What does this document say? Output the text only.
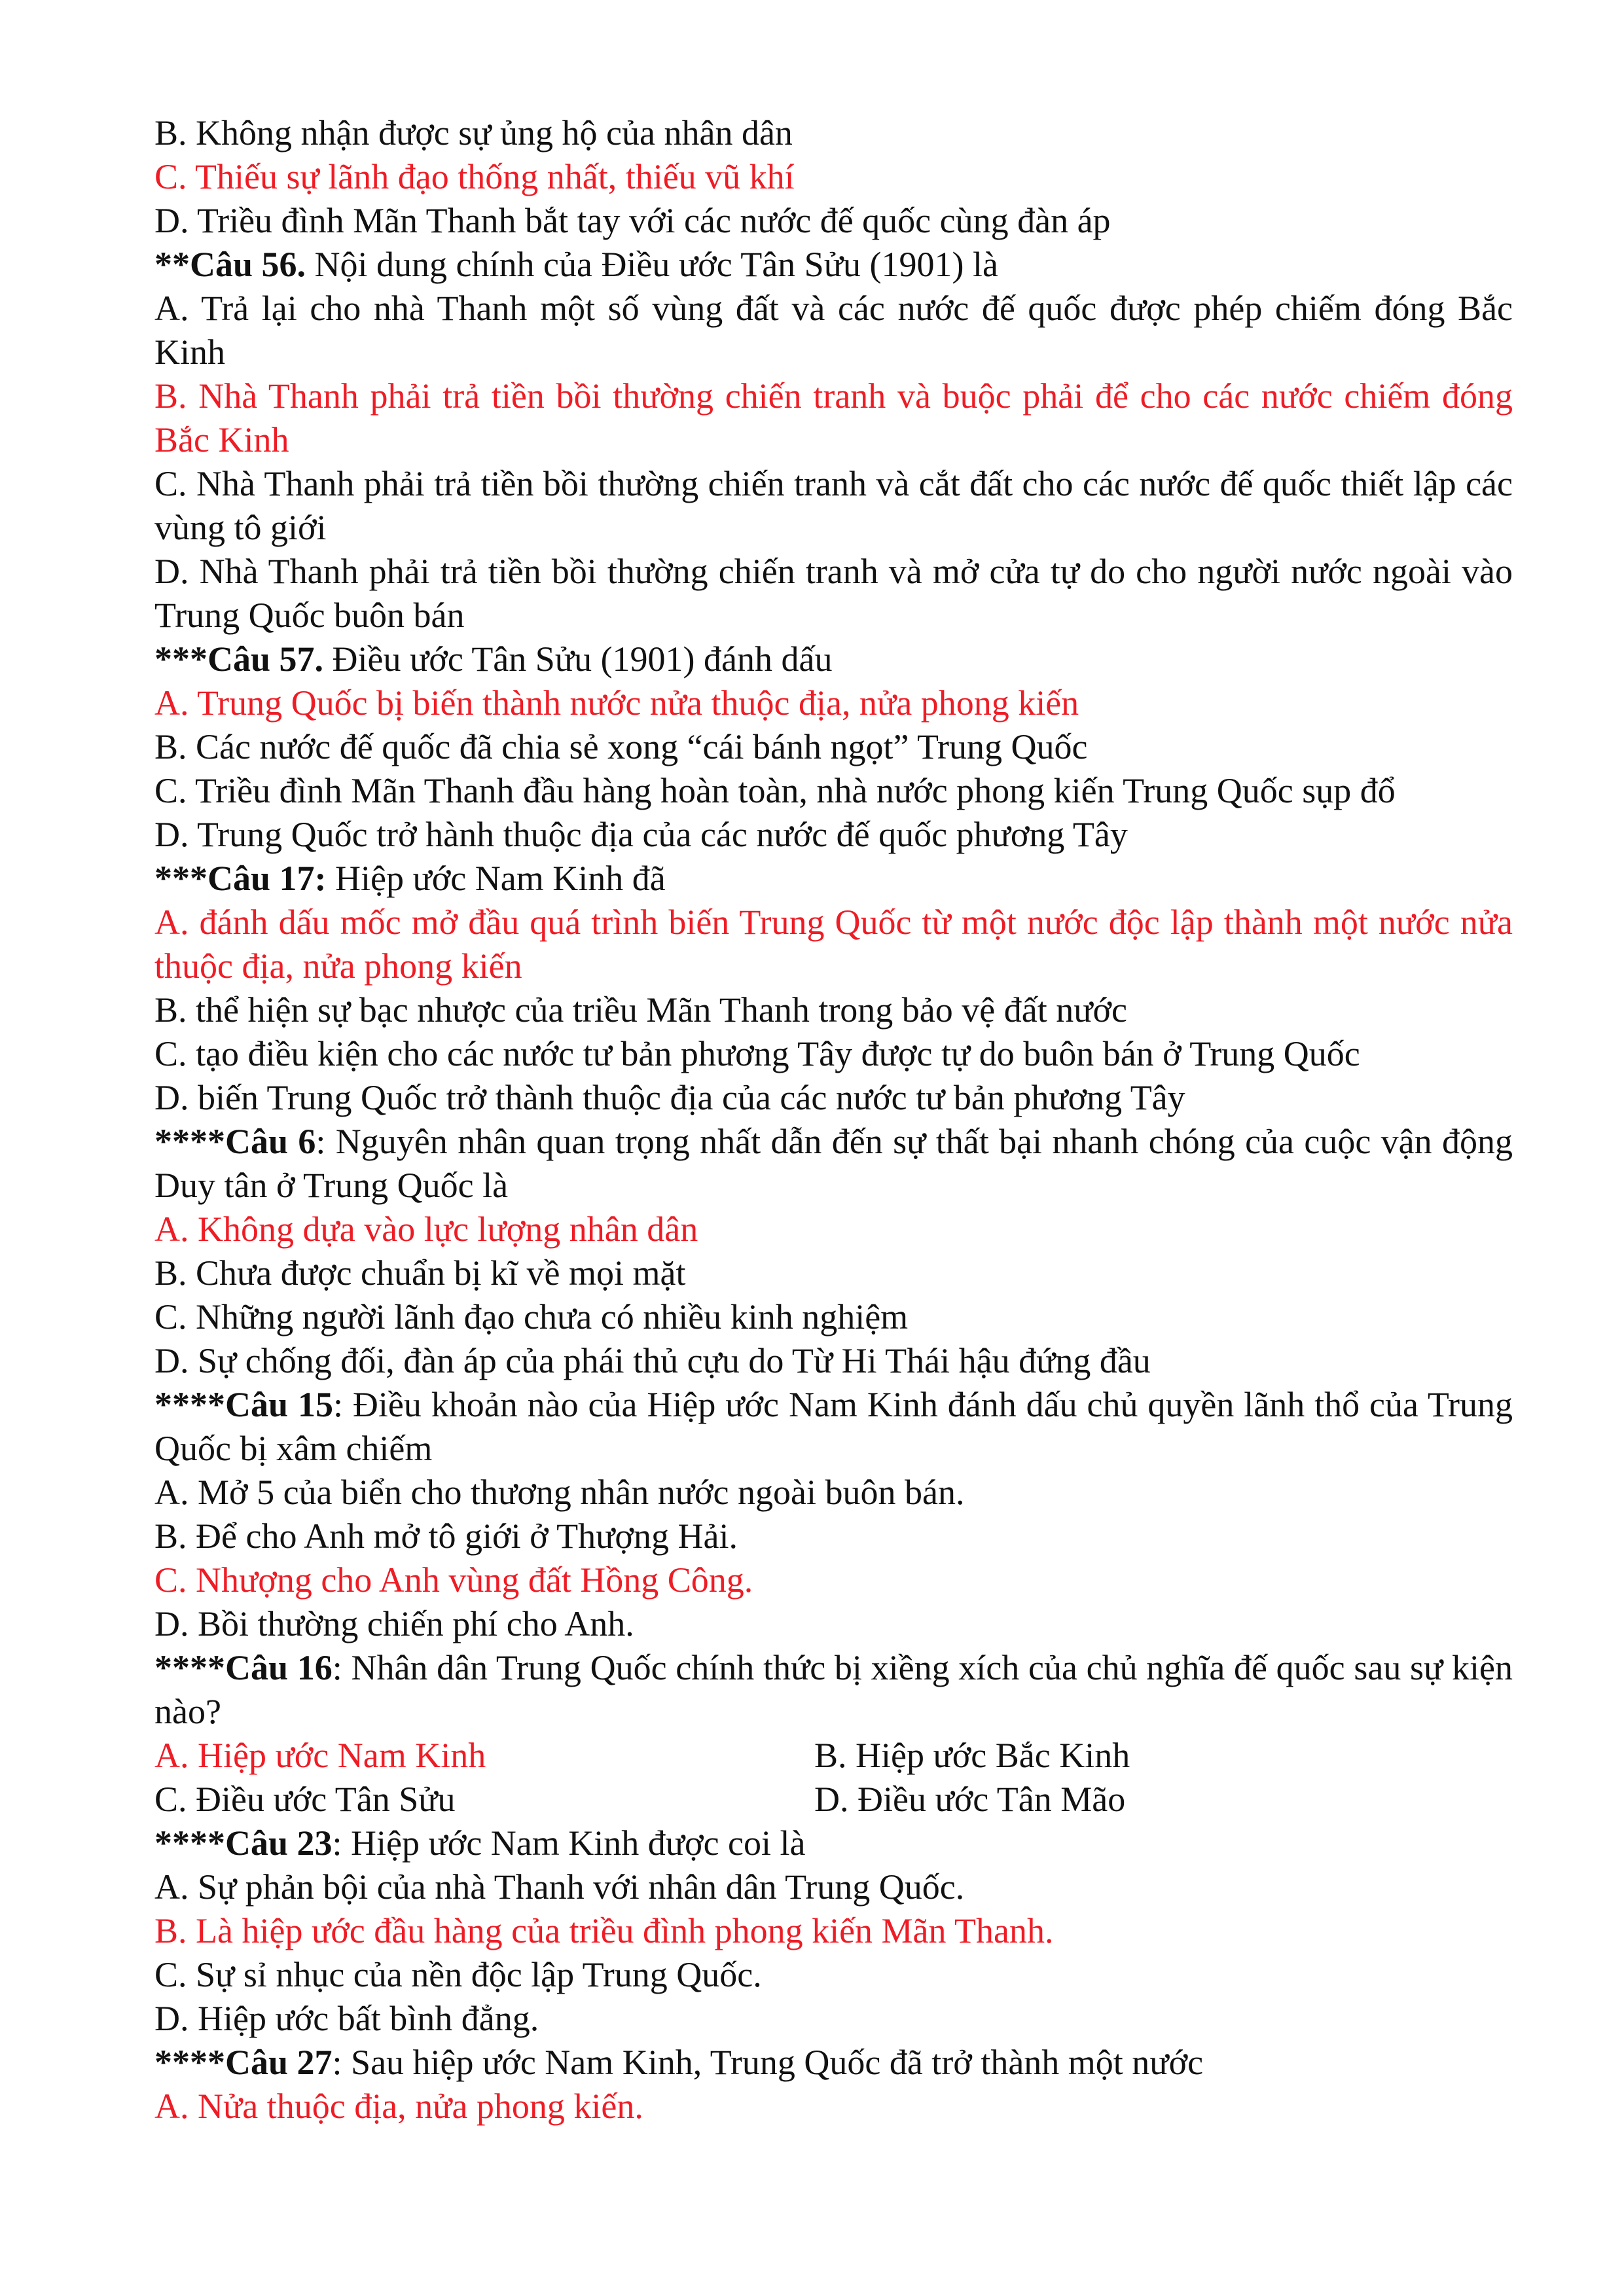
B. Không nhận được sự ủng hộ của nhân dân

C. Thiếu sự lãnh đạo thống nhất, thiếu vũ khí

D. Triều đình Mãn Thanh bắt tay với các nước đế quốc cùng đàn áp

**Câu 56. Nội dung chính của Điều ước Tân Sửu (1901) là

A. Trả lại cho nhà Thanh một số vùng đất và các nước đế quốc được phép chiếm đóng Bắc Kinh

B. Nhà Thanh phải trả tiền bồi thường chiến tranh và buộc phải để cho các nước chiếm đóng Bắc Kinh

C. Nhà Thanh phải trả tiền bồi thường chiến tranh và cắt đất cho các nước đế quốc thiết lập các vùng tô giới

D. Nhà Thanh phải trả tiền bồi thường chiến tranh và mở cửa tự do cho người nước ngoài vào Trung Quốc buôn bán

***Câu 57. Điều ước Tân Sửu (1901) đánh dấu

A. Trung Quốc bị biến thành nước nửa thuộc địa, nửa phong kiến

B. Các nước đế quốc đã chia sẻ xong “cái bánh ngọt” Trung Quốc

C. Triều đình Mãn Thanh đầu hàng hoàn toàn, nhà nước phong kiến Trung Quốc sụp đổ

D. Trung Quốc trở hành thuộc địa của các nước đế quốc phương Tây

***Câu 17: Hiệp ước Nam Kinh đã

A. đánh dấu mốc mở đầu quá trình biến Trung Quốc từ một nước độc lập thành một nước nửa thuộc địa, nửa phong kiến

B. thể hiện sự bạc nhược của triều Mãn Thanh trong bảo vệ đất nước

C. tạo điều kiện cho các nước tư bản phương Tây được tự do buôn bán ở Trung Quốc

D. biến Trung Quốc trở thành thuộc địa của các nước tư bản phương Tây

****Câu 6: Nguyên nhân quan trọng nhất dẫn đến sự thất bại nhanh chóng của cuộc vận động Duy tân ở Trung Quốc là

A. Không dựa vào lực lượng nhân dân

B. Chưa được chuẩn bị kĩ về mọi mặt

C. Những người lãnh đạo chưa có nhiều kinh nghiệm

D. Sự chống đối, đàn áp của phái thủ cựu do Từ Hi Thái hậu đứng đầu

****Câu 15: Điều khoản nào của Hiệp ước Nam Kinh đánh dấu chủ quyền lãnh thổ của Trung Quốc bị xâm chiếm

A. Mở 5 của biển cho thương nhân nước ngoài buôn bán.

B. Để cho Anh mở tô giới ở Thượng Hải.

C. Nhượng cho Anh vùng đất Hồng Công.

D. Bồi thường chiến phí cho Anh.

****Câu 16: Nhân dân Trung Quốc chính thức bị xiềng xích của chủ nghĩa đế quốc sau sự kiện nào?

A. Hiệp ước Nam Kinh	B. Hiệp ước Bắc Kinh
C. Điều ước Tân Sửu	D. Điều ước Tân Mão

****Câu 23: Hiệp ước Nam Kinh được coi là

A. Sự phản bội của nhà Thanh với nhân dân Trung Quốc.

B. Là hiệp ước đầu hàng của triều đình phong kiến Mãn Thanh.

C. Sự sỉ nhục của nền độc lập Trung Quốc.

D. Hiệp ước bất bình đẳng.

****Câu 27: Sau hiệp ước Nam Kinh, Trung Quốc đã trở thành một nước

A. Nửa thuộc địa, nửa phong kiến.
